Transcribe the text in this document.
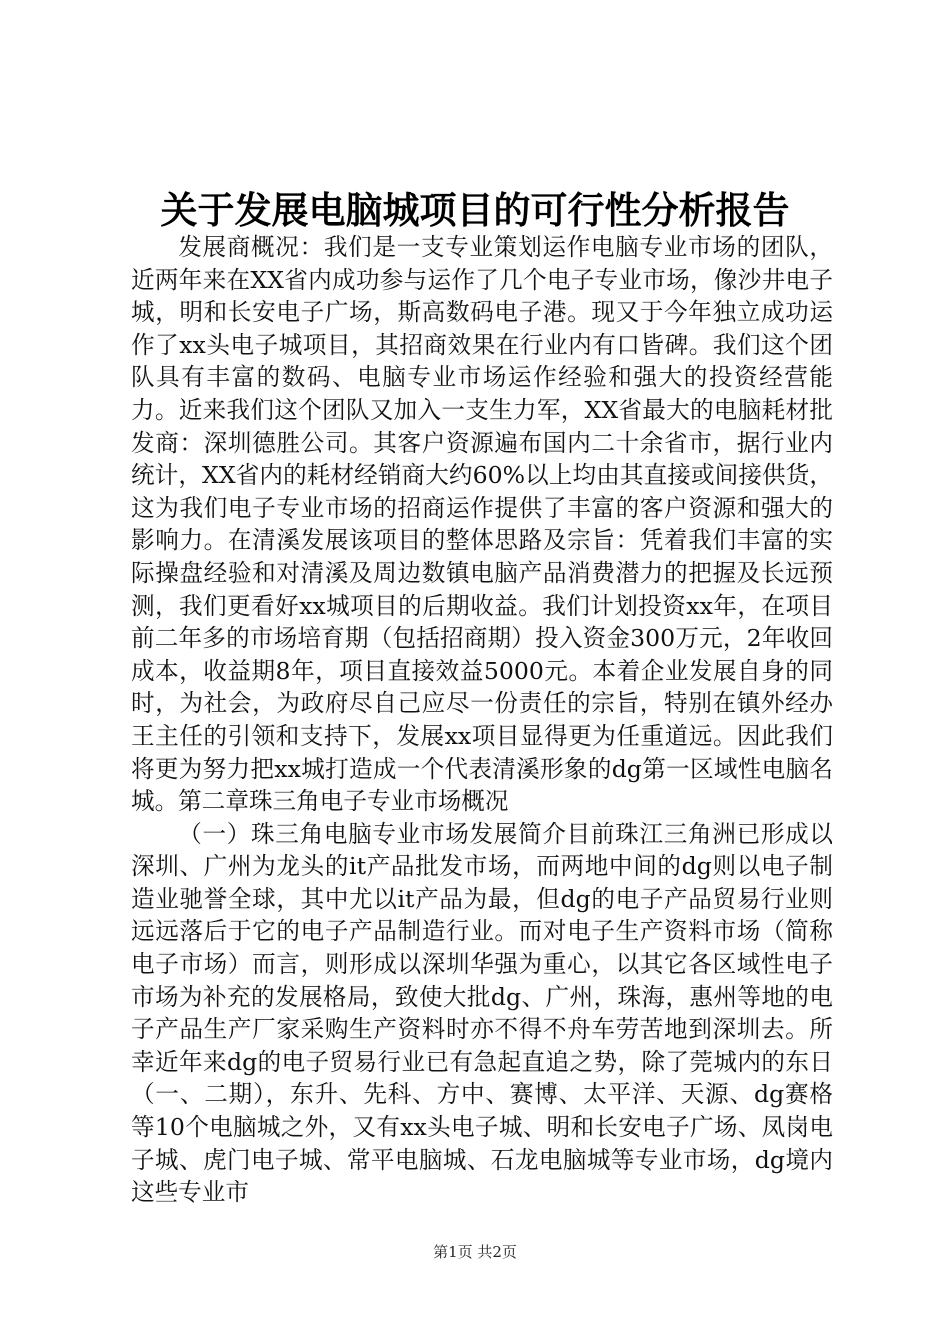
关于发展电脑城项目的可行性分析报告

发展商概况：我们是一支专业策划运作电脑专业市场的团队，近两年来在XX省内成功参与运作了几个电子专业市场，像沙井电子城，明和长安电子广场，斯高数码电子港。现又于今年独立成功运作了xx头电子城项目，其招商效果在行业内有口皆碑。我们这个团队具有丰富的数码、电脑专业市场运作经验和强大的投资经营能力。近来我们这个团队又加入一支生力军，XX省最大的电脑耗材批发商：深圳德胜公司。其客户资源遍布国内二十余省市，据行业内统计，XX省内的耗材经销商大约60%以上均由其直接或间接供货，这为我们电子专业市场的招商运作提供了丰富的客户资源和强大的影响力。在清溪发展该项目的整体思路及宗旨：凭着我们丰富的实际操盘经验和对清溪及周边数镇电脑产品消费潜力的把握及长远预测，我们更看好xx城项目的后期收益。我们计划投资xx年，在项目前二年多的市场培育期（包括招商期）投入资金300万元，2年收回成本，收益期8年，项目直接效益5000元。本着企业发展自身的同时，为社会，为政府尽自己应尽一份责任的宗旨，特别在镇外经办王主任的引领和支持下，发展xx项目显得更为任重道远。因此我们将更为努力把xx城打造成一个代表清溪形象的dg第一区域性电脑名城。第二章珠三角电子专业市场概况

（一）珠三角电脑专业市场发展简介目前珠江三角洲已形成以深圳、广州为龙头的it产品批发市场，而两地中间的dg则以电子制造业驰誉全球，其中尤以it产品为最，但dg的电子产品贸易行业则远远落后于它的电子产品制造行业。而对电子生产资料市场（简称电子市场）而言，则形成以深圳华强为重心，以其它各区域性电子市场为补充的发展格局，致使大批dg、广州，珠海，惠州等地的电子产品生产厂家采购生产资料时亦不得不舟车劳苦地到深圳去。所幸近年来dg的电子贸易行业已有急起直追之势，除了莞城内的东日（一、二期），东升、先科、方中、赛博、太平洋、天源、dg赛格等10个电脑城之外，又有xx头电子城、明和长安电子广场、凤岗电子城、虎门电子城、常平电脑城、石龙电脑城等专业市场，dg境内这些专业市

第1页 共2页
